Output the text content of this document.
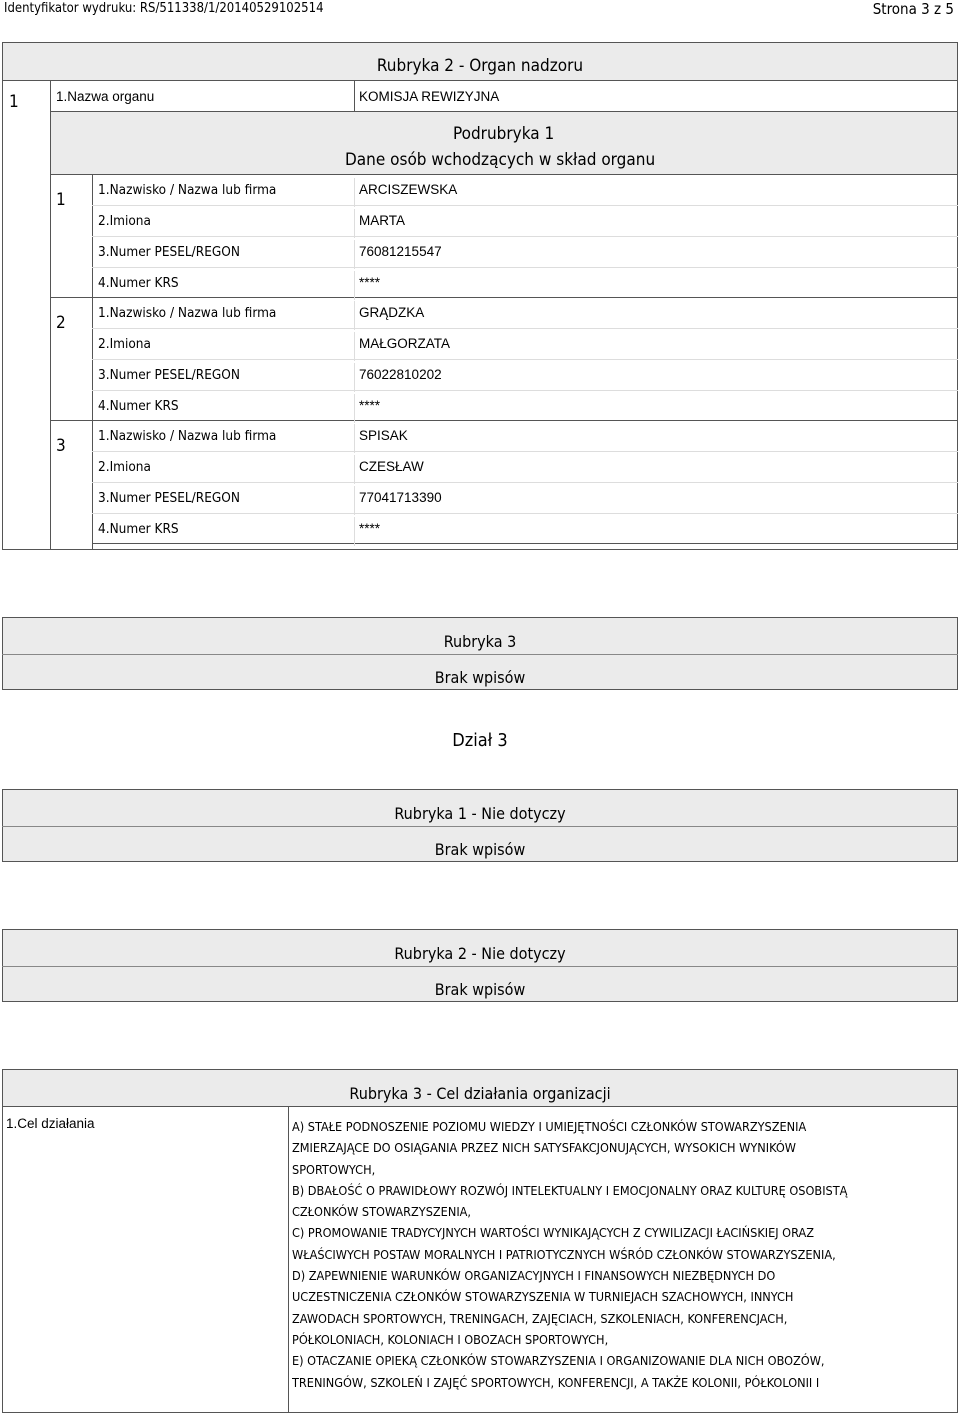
Identyfikator wydruku: RS/511338/1/20140529102514	Strona 3 z 5
Rubryka 2 - Organ nadzoru
1	1.Nazwa organu	KOMISJA REWIZYJNA
Podrubryka 1
Dane osób wchodzących w skład organu
1 1.Nazwisko / Nazwa lub firma	ARCISZEWSKA
2.Imiona	MARTA
3.Numer PESEL/REGON	76081215547
4.Numer KRS	****
2 1.Nazwisko / Nazwa lub firma	GRĄDZKA
2.Imiona	MAŁGORZATA
3.Numer PESEL/REGON	76022810202
4.Numer KRS	****
3 1.Nazwisko / Nazwa lub firma	SPISAK
2.Imiona	CZESŁAW
3.Numer PESEL/REGON	77041713390
4.Numer KRS	****
Rubryka 3
Brak wpisów
Dział 3
Rubryka 1 - Nie dotyczy
Brak wpisów
Rubryka 2 - Nie dotyczy
Brak wpisów
Rubryka 3 - Cel działania organizacji
1.Cel działania	A) STAŁE PODNOSZENIE POZIOMU WIEDZY I UMIEJĘTNOŚCI CZŁONKÓW STOWARZYSZENIA
ZMIERZAJĄCE DO OSIĄGANIA PRZEZ NICH SATYSFAKCJONUJĄCYCH, WYSOKICH WYNIKÓW
SPORTOWYCH,
B) DBAŁOŚĆ O PRAWIDŁOWY ROZWÓJ INTELEKTUALNY I EMOCJONALNY ORAZ KULTURĘ OSOBISTĄ
CZŁONKÓW STOWARZYSZENIA,
C) PROMOWANIE TRADYCYJNYCH WARTOŚCI WYNIKAJĄCYCH Z CYWILIZACJI ŁACIŃSKIEJ ORAZ
WŁAŚCIWYCH POSTAW MORALNYCH I PATRIOTYCZNYCH WŚRÓD CZŁONKÓW STOWARZYSZENIA,
D) ZAPEWNIENIE WARUNKÓW ORGANIZACYJNYCH I FINANSOWYCH NIEZBĘDNYCH DO
UCZESTNICZENIA CZŁONKÓW STOWARZYSZENIA W TURNIEJACH SZACHOWYCH, INNYCH
ZAWODACH SPORTOWYCH, TRENINGACH, ZAJĘCIACH, SZKOLENIACH, KONFERENCJACH,
PÓŁKOLONIACH, KOLONIACH I OBOZACH SPORTOWYCH,
E) OTACZANIE OPIEKĄ CZŁONKÓW STOWARZYSZENIA I ORGANIZOWANIE DLA NICH OBOZÓW,
TRENINGÓW, SZKOLEŃ I ZAJĘĆ SPORTOWYCH, KONFERENCJI, A TAKŻE KOLONII, PÓŁKOLONII I
